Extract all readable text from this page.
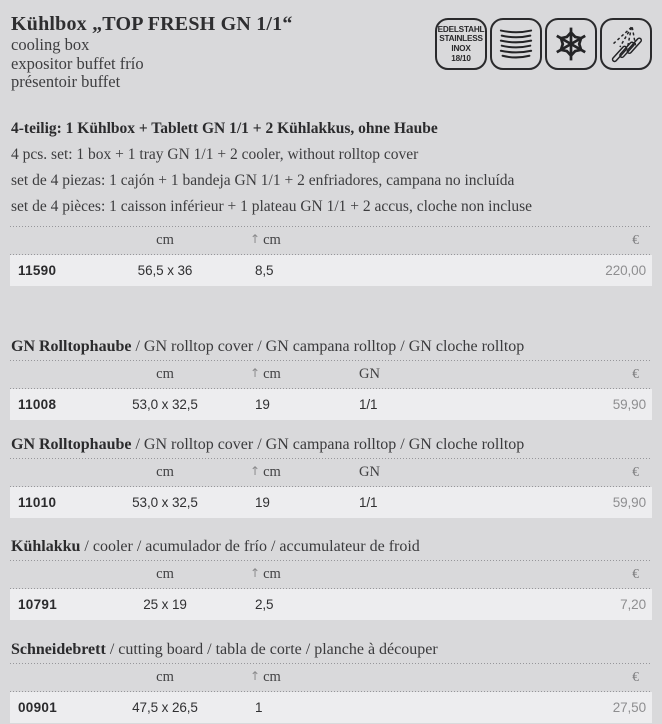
Kühlbox „TOP FRESH GN 1/1“
cooling box
expositor buffet frío
présentoir buffet
EDELSTAHL
STAINLESS
INOX
18/10
4-teilig: 1 Kühlbox + Tablett GN 1/1 + 2 Kühlakkus, ohne Haube
4 pcs. set: 1 box + 1 tray GN 1/1 + 2 cooler, without rolltop cover
set de 4 piezas: 1 cajón + 1 bandeja GN 1/1 + 2 enfriadores, campana no incluída
set de 4 pièces: 1 caisson inférieur + 1 plateau GN 1/1 + 2 accus, cloche non incluse
cm	↑ cm	€
11590	56,5 x 36	8,5	220,00
GN Rolltophaube / GN rolltop cover / GN campana rolltop / GN cloche rolltop
cm	↑ cm	GN	€
11008	53,0 x 32,5	19	1/1	59,90
GN Rolltophaube / GN rolltop cover / GN campana rolltop / GN cloche rolltop
cm	↑ cm	GN	€
11010	53,0 x 32,5	19	1/1	59,90
Kühlakku / cooler / acumulador de frío / accumulateur de froid
cm	↑ cm	€
10791	25 x 19	2,5	7,20
Schneidebrett / cutting board / tabla de corte / planche à découper
cm	↑ cm	€
00901	47,5 x 26,5	1	27,50
